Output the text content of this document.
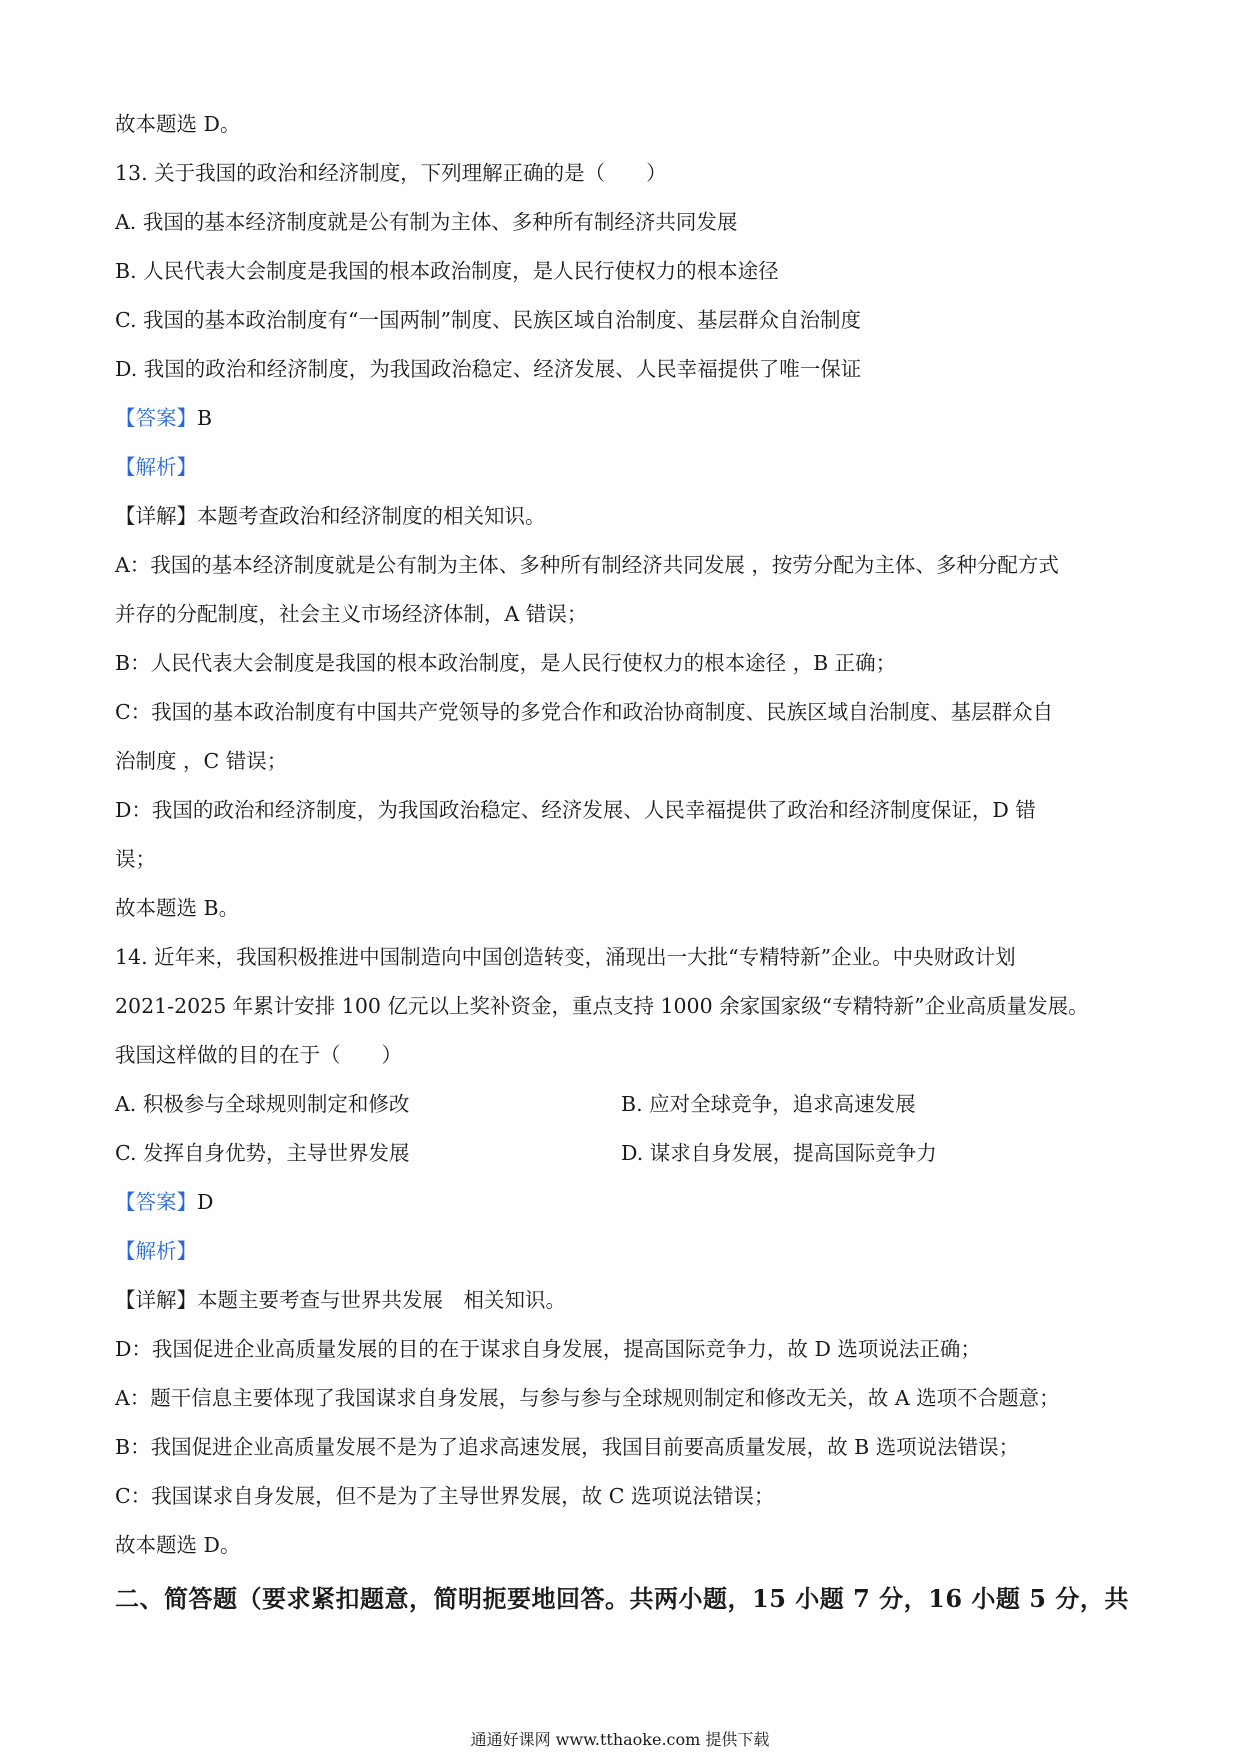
故本题选 D。
13. 关于我国的政治和经济制度，下列理解正确的是（　　）
A. 我国的基本经济制度就是公有制为主体、多种所有制经济共同发展
B. 人民代表大会制度是我国的根本政治制度，是人民行使权力的根本途径
C. 我国的基本政治制度有“一国两制”制度、民族区域自治制度、基层群众自治制度
D. 我国的政治和经济制度，为我国政治稳定、经济发展、人民幸福提供了唯一保证
【答案】B
【解析】
【详解】本题考查政治和经济制度的相关知识。
A：我国的基本经济制度就是公有制为主体、多种所有制经济共同发展 ，按劳分配为主体、多种分配方式
并存的分配制度，社会主义市场经济体制，A 错误；
B：人民代表大会制度是我国的根本政治制度，是人民行使权力的根本途径 ，B 正确；
C：我国的基本政治制度有中国共产党领导的多党合作和政治协商制度、民族区域自治制度、基层群众自
治制度 ，C 错误；
D：我国的政治和经济制度，为我国政治稳定、经济发展、人民幸福提供了政治和经济制度保证，D 错
误；
故本题选 B。
14. 近年来，我国积极推进中国制造向中国创造转变，涌现出一大批“专精特新”企业。中央财政计划
2021-2025 年累计安排 100 亿元以上奖补资金，重点支持 1000 余家国家级“专精特新”企业高质量发展。
我国这样做的目的在于（　　）
A. 积极参与全球规则制定和修改	B. 应对全球竞争，追求高速发展
C. 发挥自身优势，主导世界发展	D. 谋求自身发展，提高国际竞争力
【答案】D
【解析】
【详解】本题主要考查与世界共发展　相关知识。
D：我国促进企业高质量发展的目的在于谋求自身发展，提高国际竞争力，故 D 选项说法正确；
A：题干信息主要体现了我国谋求自身发展，与参与参与全球规则制定和修改无关，故 A 选项不合题意；
B：我国促进企业高质量发展不是为了追求高速发展，我国目前要高质量发展，故 B 选项说法错误；
C：我国谋求自身发展，但不是为了主导世界发展，故 C 选项说法错误；
故本题选 D。
二、简答题（要求紧扣题意，简明扼要地回答。共两小题，15 小题 7 分，16 小题 5 分，共
通通好课网 www.tthaoke.com 提供下载
